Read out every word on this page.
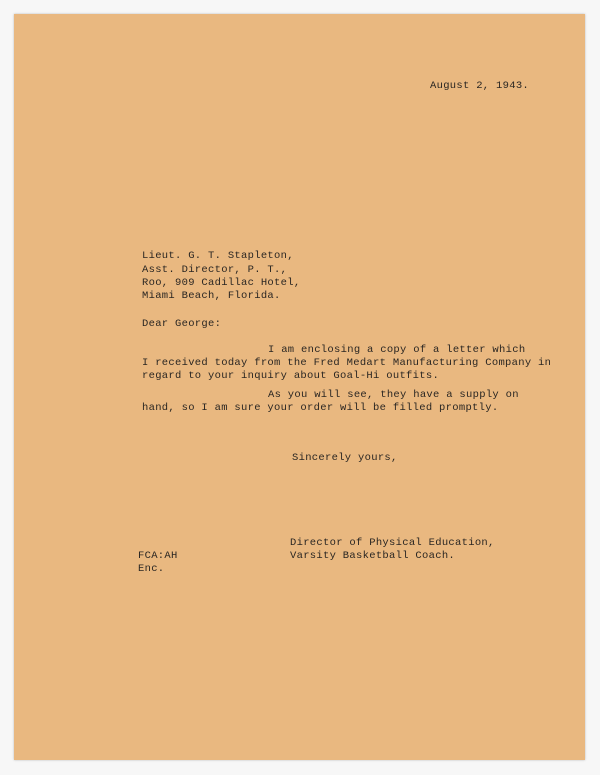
August 2, 1943.
Lieut. G. T. Stapleton,
Asst. Director, P. T.,
Roo, 909 Cadillac Hotel,
Miami Beach, Florida.
Dear George:
I am enclosing a copy of a letter which
I received today from the Fred Medart Manufacturing Company in
regard to your inquiry about Goal-Hi outfits.
As you will see, they have a supply on
hand, so I am sure your order will be filled promptly.
Sincerely yours,
Director of Physical Education,
Varsity Basketball Coach.
FCA:AH
Enc.
